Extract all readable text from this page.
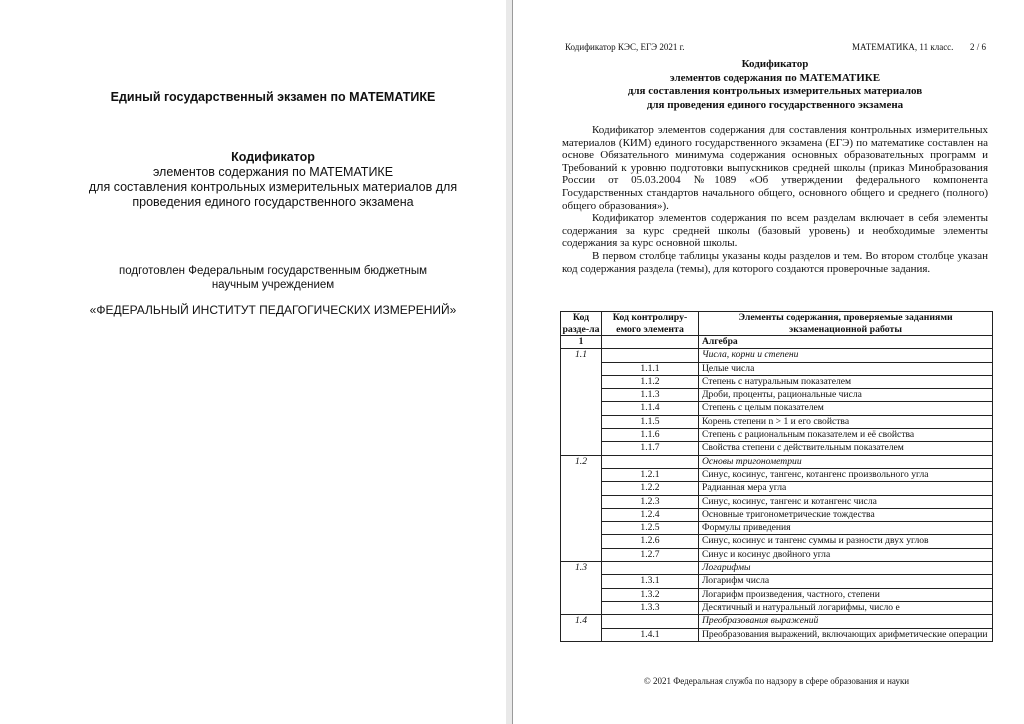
Единый государственный экзамен по МАТЕМАТИКЕ
Кодификатор
элементов содержания по МАТЕМАТИКЕ
для составления контрольных измерительных материалов для
проведения единого государственного экзамена
подготовлен Федеральным государственным бюджетным
научным учреждением
«ФЕДЕРАЛЬНЫЙ ИНСТИТУТ ПЕДАГОГИЧЕСКИХ ИЗМЕРЕНИЙ»
Кодификатор КЭС, ЕГЭ 2021 г.	МАТЕМАТИКА, 11 класс. 2 / 6
Кодификатор
элементов содержания по МАТЕМАТИКЕ
для составления контрольных измерительных материалов
для проведения единого государственного экзамена

Кодификатор элементов содержания для составления контрольных измерительных материалов (КИМ) единого государственного экзамена (ЕГЭ) по математике составлен на основе Обязательного минимума содержания основных образовательных программ и Требований к уровню подготовки выпускников средней школы (приказ Минобразования России от 05.03.2004 №1089 «Об утверждении федерального компонента Государственных стандартов начального общего, основного общего и среднего (полного) общего образования»).

Кодификатор элементов содержания по всем разделам включает в себя элементы содержания за курс средней школы (базовый уровень) и необходимые элементы содержания за курс основной школы.

В первом столбце таблицы указаны коды разделов и тем. Во втором столбце указан код содержания раздела (темы), для которого создаются проверочные задания.

Код разде-ла	Код контролиру-емого элемента	Элементы содержания, проверяемые заданиями экзаменационной работы
1		Алгебра
1.1		Числа, корни и степени
	1.1.1	Целые числа
	1.1.2	Степень с натуральным показателем
	1.1.3	Дроби, проценты, рациональные числа
	1.1.4	Степень с целым показателем
	1.1.5	Корень степени n > 1 и его свойства
	1.1.6	Степень с рациональным показателем и её свойства
	1.1.7	Свойства степени с действительным показателем
1.2		Основы тригонометрии
	1.2.1	Синус, косинус, тангенс, котангенс произвольного угла
	1.2.2	Радианная мера угла
	1.2.3	Синус, косинус, тангенс и котангенс числа
	1.2.4	Основные тригонометрические тождества
	1.2.5	Формулы приведения
	1.2.6	Синус, косинус и тангенс суммы и разности двух углов
	1.2.7	Синус и косинус двойного угла
1.3		Логарифмы
	1.3.1	Логарифм числа
	1.3.2	Логарифм произведения, частного, степени
	1.3.3	Десятичный и натуральный логарифмы, число e
1.4		Преобразования выражений
	1.4.1	Преобразования выражений, включающих арифметические операции
© 2021 Федеральная служба по надзору в сфере образования и науки
